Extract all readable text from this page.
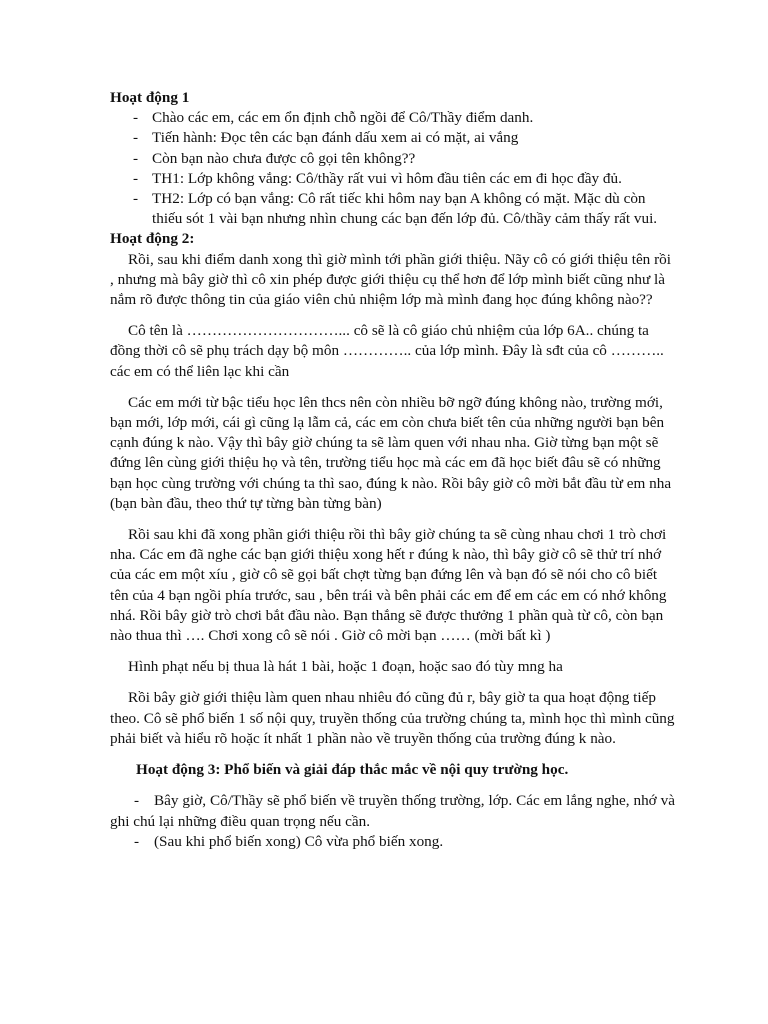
Hoạt động 1

- Chào các em, các em ổn định chỗ ngồi để Cô/Thầy điểm danh.
- Tiến hành: Đọc tên các bạn đánh dấu xem ai có mặt, ai vắng
- Còn bạn nào chưa được cô gọi tên không??
- TH1: Lớp không vắng: Cô/thầy rất vui vì hôm đầu tiên các em đi học đầy đủ.
- TH2: Lớp có bạn vắng: Cô rất tiếc khi hôm nay bạn A không có mặt. Mặc dù còn thiếu sót 1 vài bạn nhưng nhìn chung các bạn đến lớp đủ. Cô/thầy cảm thấy rất vui.

Hoạt động 2:

Rồi, sau khi điểm danh xong thì giờ mình tới phần giới thiệu. Nãy cô có giới thiệu tên rồi , nhưng mà bây giờ thì cô xin phép được giới thiệu cụ thể hơn để lớp mình biết cũng như là nắm rõ được thông tin của giáo viên chủ nhiệm lớp mà mình đang học đúng không nào??

Cô tên là …………………………... cô sẽ là cô giáo chủ nhiệm của lớp 6A.. chúng ta đồng thời cô sẽ phụ trách dạy bộ môn ………….. của lớp mình. Đây là sđt của cô ……….. các em có thể liên lạc khi cần

Các em mới từ bậc tiểu học lên thcs nên còn nhiều bỡ ngỡ đúng không nào, trường mới, bạn mới, lớp mới, cái gì cũng lạ lẫm cả, các em còn chưa biết tên của những người bạn bên cạnh đúng k nào. Vậy thì bây giờ chúng ta sẽ làm quen với nhau nha. Giờ từng bạn một sẽ đứng lên cùng giới thiệu họ và tên, trường tiểu học mà các em đã học biết đâu sẽ có những bạn học cùng trường với chúng ta thì sao, đúng k nào. Rồi bây giờ cô mời bắt đầu từ em nha (bạn bàn đầu, theo thứ tự từng bàn từng bàn)

Rồi sau khi đã xong phần giới thiệu rồi thì bây giờ chúng ta sẽ cùng nhau chơi 1 trò chơi nha. Các em đã nghe các bạn giới thiệu xong hết r đúng k nào, thì bây giờ cô sẽ thử trí nhớ của các em một xíu , giờ cô sẽ gọi bất chợt từng bạn đứng lên và bạn đó sẽ nói cho cô biết tên của 4 bạn ngồi phía trước, sau , bên trái và bên phải các em để em các em có nhớ không nhá. Rồi bây giờ trò chơi bắt đầu nào. Bạn thắng sẽ được thưởng 1 phần quà từ cô, còn bạn nào thua thì …. Chơi xong cô sẽ nói . Giờ cô mời bạn …… (mời bất kì )

Hình phạt nếu bị thua là hát 1 bài, hoặc 1 đoạn, hoặc sao đó tùy mng ha

Rồi bây giờ giới thiệu làm quen nhau nhiêu đó cũng đủ r, bây giờ ta qua hoạt động tiếp theo. Cô sẽ phổ biến 1 số nội quy, truyền thống của trường chúng ta, mình học thì mình cũng phải biết và hiểu rõ hoặc ít nhất 1 phần nào về truyền thống của trường đúng k nào.

Hoạt động 3: Phổ biến và giải đáp thắc mắc về nội quy trường học.

- Bây giờ, Cô/Thầy sẽ phổ biến về truyền thống trường, lớp. Các em lắng nghe, nhớ và ghi chú lại những điều quan trọng nếu cần.

- (Sau khi phổ biến xong) Cô vừa phổ biến xong.
